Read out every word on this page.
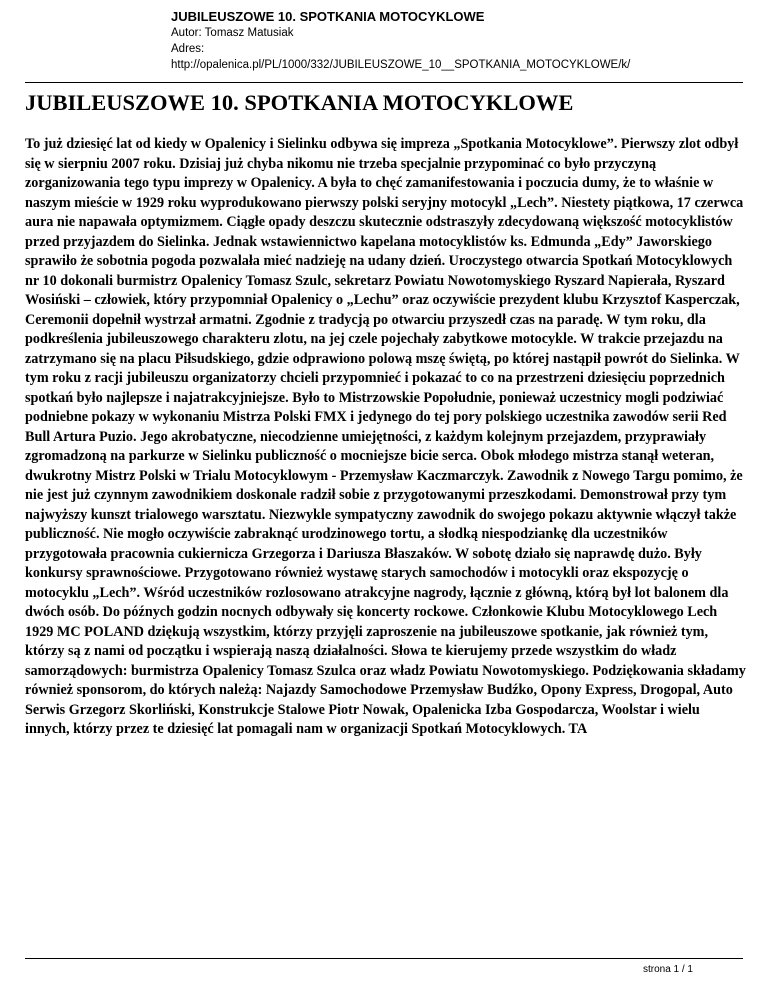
JUBILEUSZOWE 10. SPOTKANIA MOTOCYKLOWE
Autor: Tomasz Matusiak
Adres:
http://opalenica.pl/PL/1000/332/JUBILEUSZOWE_10__SPOTKANIA_MOTOCYKLOWE/k/
JUBILEUSZOWE 10. SPOTKANIA MOTOCYKLOWE

To już dziesięć lat od kiedy w Opalenicy i Sielinku odbywa się impreza „Spotkania Motocyklowe”. Pierwszy zlot odbył się w sierpniu 2007 roku. Dzisiaj już chyba nikomu nie trzeba specjalnie przypominać co było przyczyną zorganizowania tego typu imprezy w Opalenicy. A była to chęć zamanifestowania i poczucia dumy, że to właśnie w naszym mieście w 1929 roku wyprodukowano pierwszy polski seryjny motocykl „Lech”. Niestety piątkowa, 17 czerwca aura nie napawała optymizmem. Ciągłe opady deszczu skutecznie odstraszyły zdecydowaną większość motocyklistów przed przyjazdem do Sielinka. Jednak wstawiennictwo kapelana motocyklistów ks. Edmunda „Edy” Jaworskiego sprawiło że sobotnia pogoda pozwalała mieć nadzieję na udany dzień. Uroczystego otwarcia Spotkań Motocyklowych nr 10 dokonali burmistrz Opalenicy Tomasz Szulc, sekretarz Powiatu Nowotomyskiego Ryszard Napierała, Ryszard Wosiński – człowiek, który przypomniał Opalenicy o „Lechu” oraz oczywiście prezydent klubu Krzysztof Kasperczak, Ceremonii dopełnił wystrzał armatni. Zgodnie z tradycją po otwarciu przyszedł czas na paradę. W tym roku, dla podkreślenia jubileuszowego charakteru zlotu, na jej czele pojechały zabytkowe motocykle. W trakcie przejazdu na zatrzymano się na placu Piłsudskiego, gdzie odprawiono polową mszę świętą, po której nastąpił powrót do Sielinka. W tym roku z racji jubileuszu organizatorzy chcieli przypomnieć i pokazać to co na przestrzeni dziesięciu poprzednich spotkań było najlepsze i najatrakcyjniejsze. Było to Mistrzowskie Popołudnie, ponieważ uczestnicy mogli podziwiać podniebne pokazy w wykonaniu Mistrza Polski FMX i jedynego do tej pory polskiego uczestnika zawodów serii Red Bull Artura Puzio. Jego akrobatyczne, niecodzienne umiejętności, z każdym kolejnym przejazdem, przyprawiały zgromadzoną na parkurze w Sielinku publiczność o mocniejsze bicie serca. Obok młodego mistrza stanął weteran, dwukrotny Mistrz Polski w Trialu Motocyklowym - Przemysław Kaczmarczyk. Zawodnik z Nowego Targu pomimo, że nie jest już czynnym zawodnikiem doskonale radził sobie z przygotowanymi przeszkodami. Demonstrował przy tym najwyższy kunszt trialowego warsztatu. Niezwykle sympatyczny zawodnik do swojego pokazu aktywnie włączył także publiczność. Nie mogło oczywiście zabraknąć urodzinowego tortu, a słodką niespodziankę dla uczestników przygotowała pracownia cukiernicza Grzegorza i Dariusza Błaszaków. W sobotę działo się naprawdę dużo. Były konkursy sprawnościowe. Przygotowano również wystawę starych samochodów i motocykli oraz ekspozycję o motocyklu „Lech”. Wśród uczestników rozlosowano atrakcyjne nagrody, łącznie z główną, którą był lot balonem dla dwóch osób. Do późnych godzin nocnych odbywały się koncerty rockowe. Członkowie Klubu Motocyklowego Lech 1929 MC POLAND dziękują wszystkim, którzy przyjęli zaproszenie na jubileuszowe spotkanie, jak również tym, którzy są z nami od początku i wspierają naszą działalności. Słowa te kierujemy przede wszystkim do władz samorządowych: burmistrza Opalenicy Tomasz Szulca oraz władz Powiatu Nowotomyskiego. Podziękowania składamy również sponsorom, do których należą: Najazdy Samochodowe Przemysław Budźko, Opony Express, Drogopal, Auto Serwis Grzegorz Skorliński, Konstrukcje Stalowe Piotr Nowak, Opalenicka Izba Gospodarcza, Woolstar i wielu innych, którzy przez te dziesięć lat pomagali nam w organizacji Spotkań Motocyklowych. TA

strona 1 / 1
